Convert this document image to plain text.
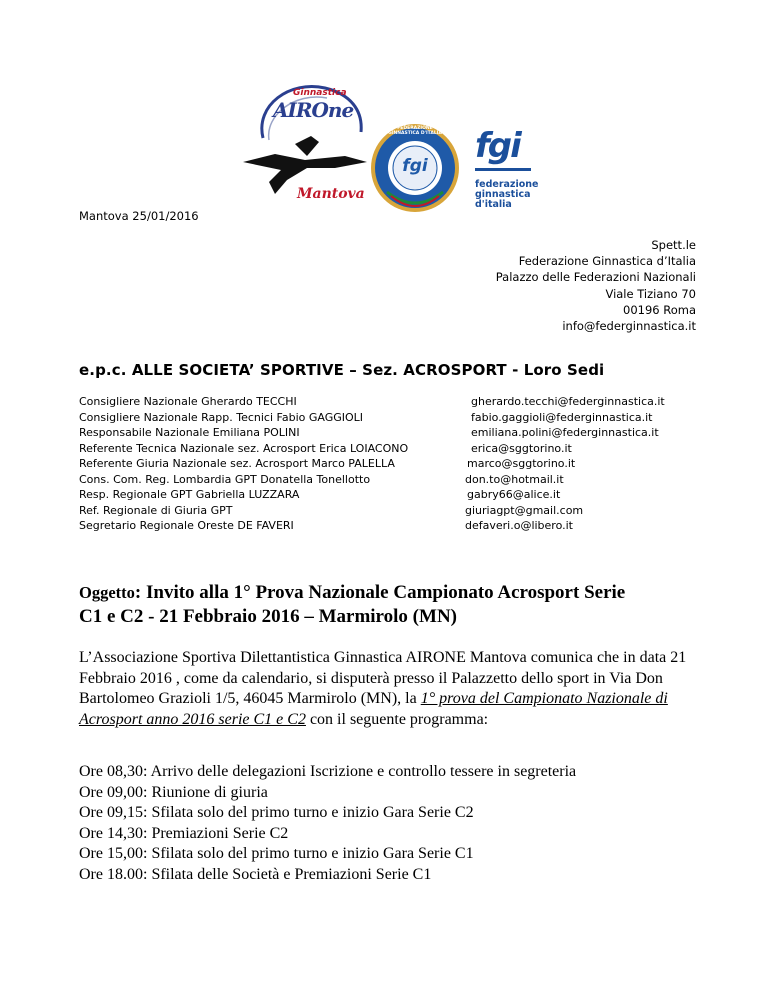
Ginnastica
AIROne
Mantova
FEDERAZIONE GINNASTICA D'ITALIA
fgi	fgi
federazione
ginnastica
d'italia
Mantova 25/01/2016
Spett.le
Federazione Ginnastica d’Italia
Palazzo delle Federazioni Nazionali
Viale Tiziano 70
00196 Roma
info@federginnastica.it
e.p.c. ALLE SOCIETA’ SPORTIVE – Sez. ACROSPORT - Loro Sedi
Consigliere Nazionale Gherardo TECCHI	gherardo.tecchi@federginnastica.it
Consigliere Nazionale Rapp. Tecnici Fabio GAGGIOLI	fabio.gaggioli@federginnastica.it
Responsabile Nazionale Emiliana POLINI	emiliana.polini@federginnastica.it
Referente Tecnica Nazionale sez. Acrosport Erica LOIACONO	erica@sggtorino.it
Referente Giuria Nazionale sez. Acrosport Marco PALELLA	marco@sggtorino.it
Cons. Com. Reg. Lombardia GPT Donatella Tonellotto	don.to@hotmail.it
Resp. Regionale GPT Gabriella LUZZARA	gabry66@alice.it
Ref. Regionale di Giuria GPT	giuriagpt@gmail.com
Segretario Regionale Oreste DE FAVERI	defaveri.o@libero.it
Oggetto: Invito alla 1° Prova Nazionale Campionato Acrosport Serie
C1 e C2 - 21 Febbraio 2016 – Marmirolo (MN)
L’Associazione Sportiva Dilettantistica Ginnastica AIRONE Mantova comunica che in data 21 Febbraio 2016 , come da calendario, si disputerà presso il Palazzetto dello sport in Via Don Bartolomeo Grazioli 1/5, 46045 Marmirolo (MN), la 1° prova del Campionato Nazionale di Acrosport anno 2016 serie C1 e C2 con il seguente programma:
Ore 08,30: Arrivo delle delegazioni Iscrizione e controllo tessere in segreteria
Ore 09,00: Riunione di giuria
Ore 09,15: Sfilata solo del primo turno e inizio Gara Serie C2
Ore 14,30: Premiazioni Serie C2
Ore 15,00: Sfilata solo del primo turno e inizio Gara Serie C1
Ore 18.00: Sfilata delle Società e Premiazioni Serie C1
